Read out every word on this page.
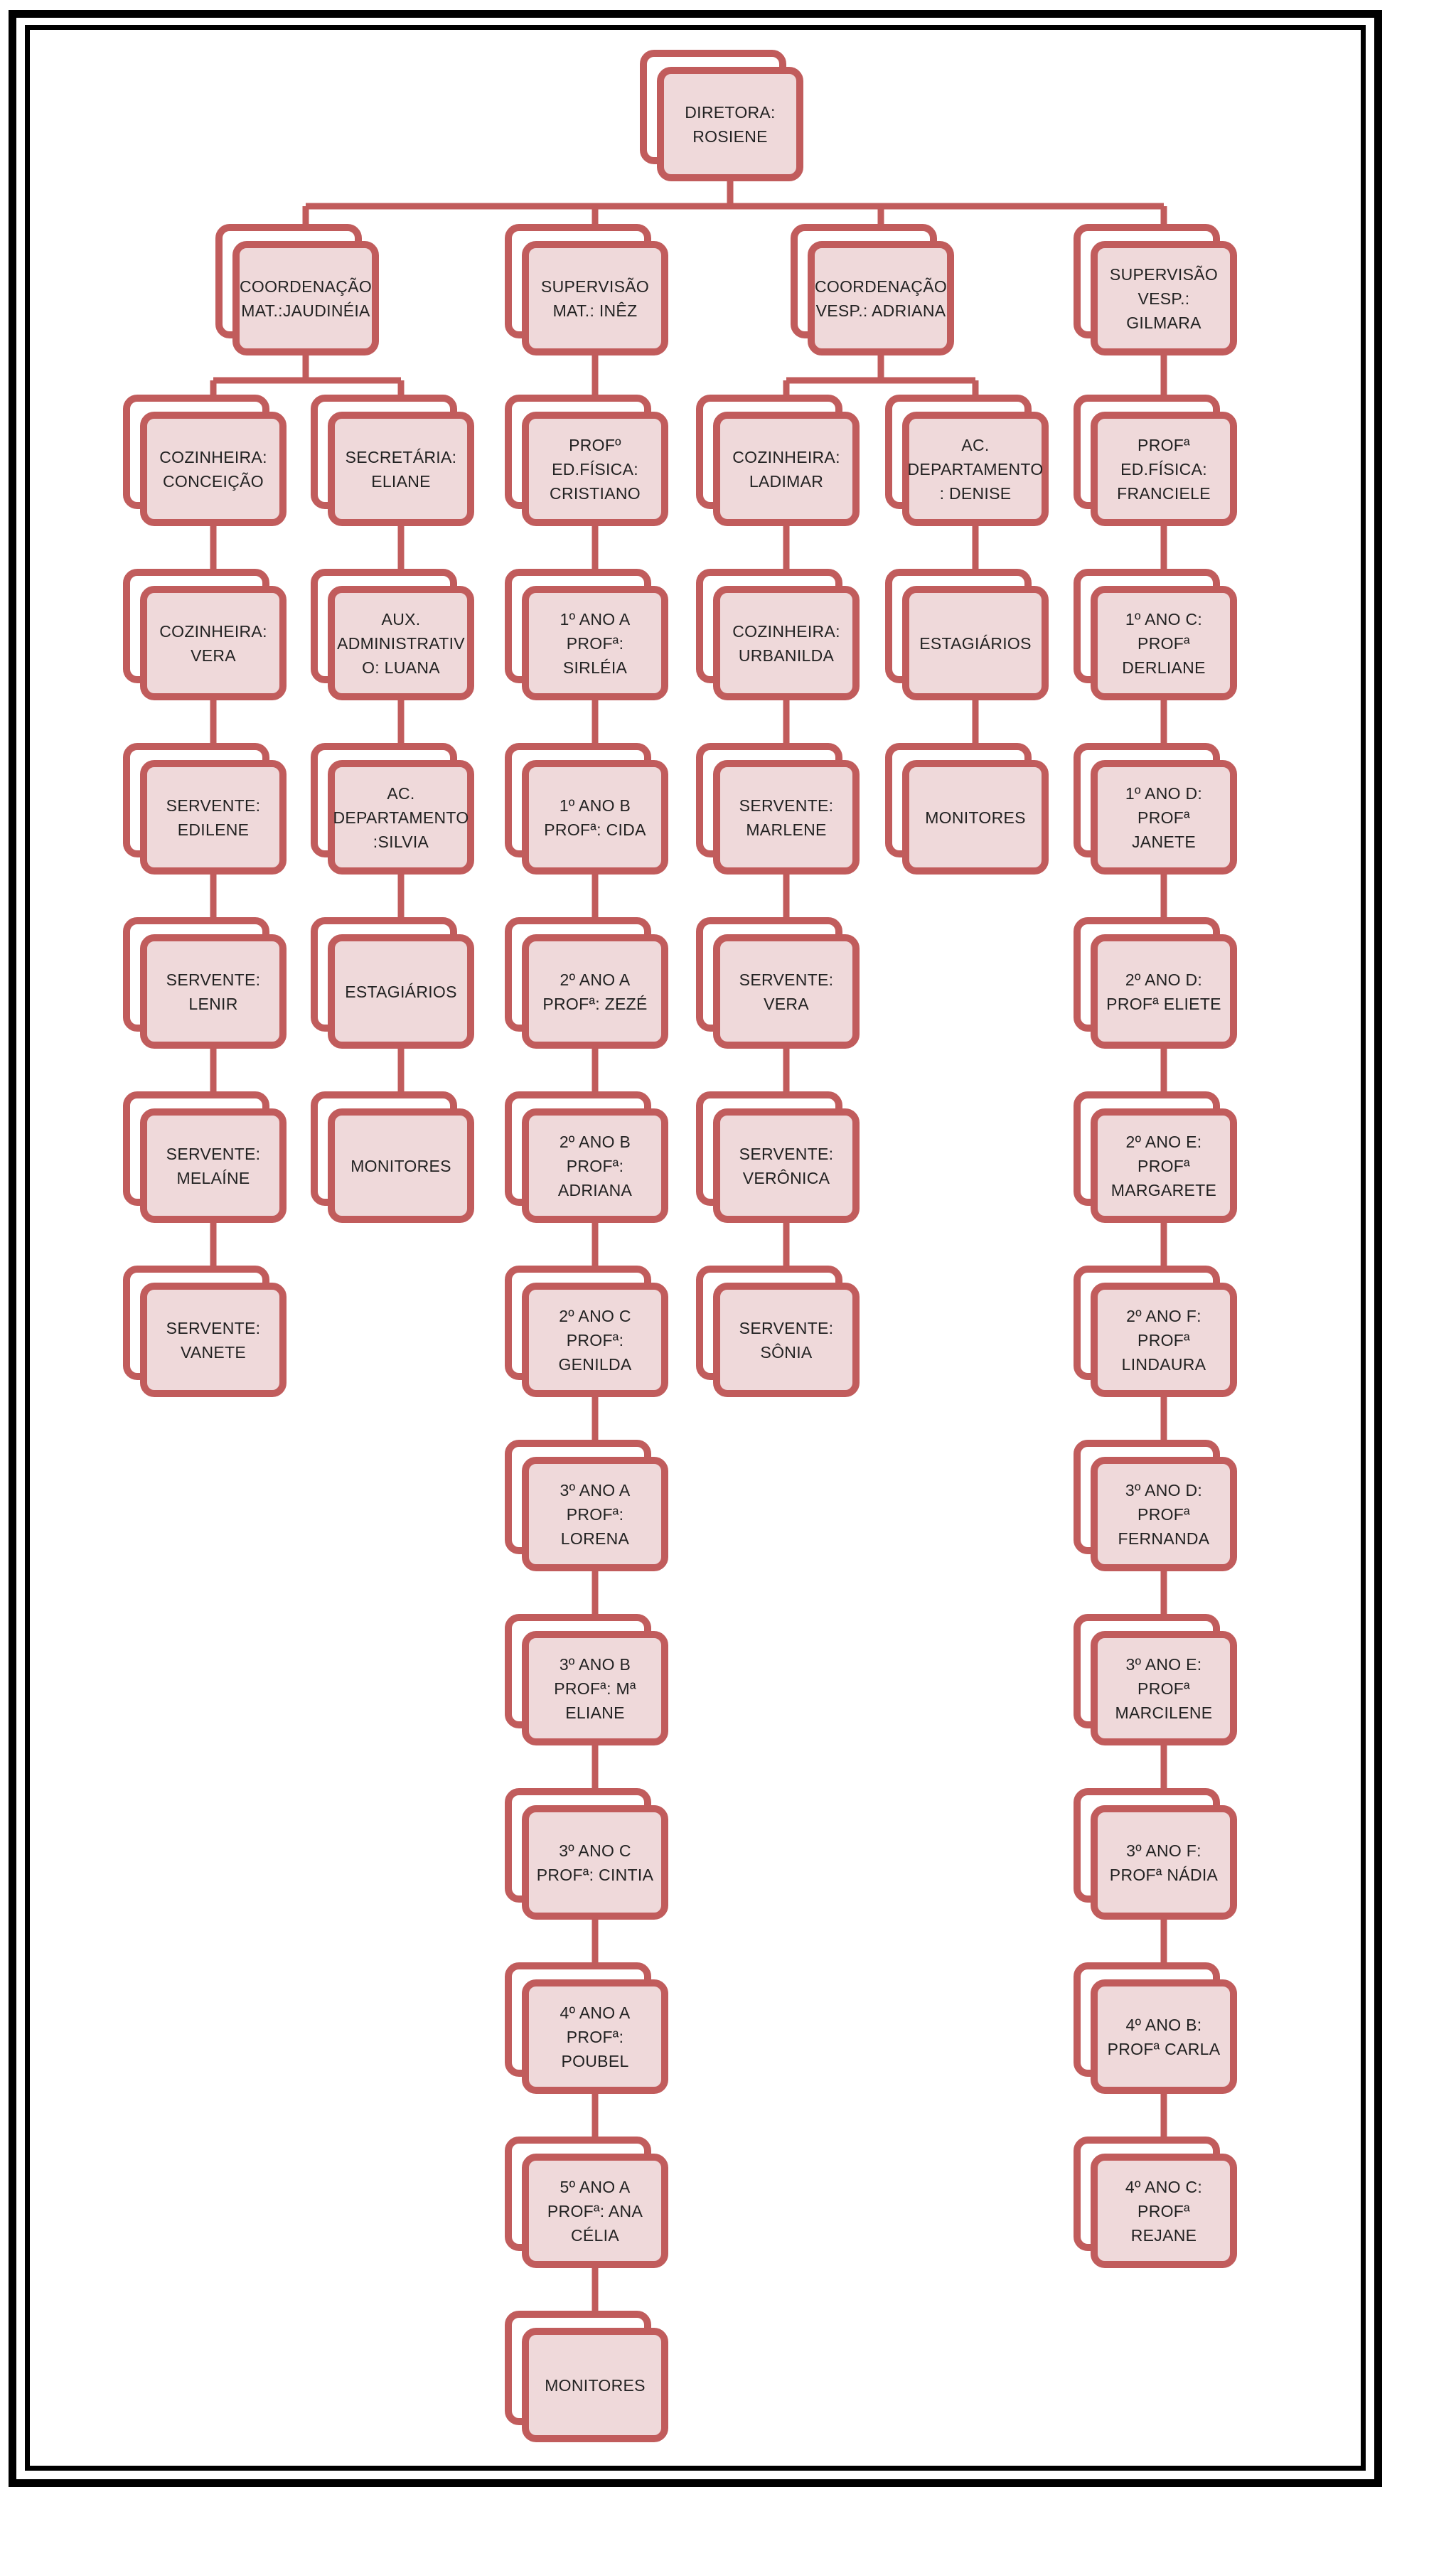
DIRETORA: ROSIENE
COORDENAÇÃO MAT.:JAUDINÉIA
SUPERVISÃO MAT.: INÊZ
COORDENAÇÃO VESP.: ADRIANA
SUPERVISÃO VESP.: GILMARA
COZINHEIRA: CONCEIÇÃO
COZINHEIRA: VERA
SERVENTE: EDILENE
SERVENTE: LENIR
SERVENTE: MELAÍNE
SERVENTE: VANETE
SECRETÁRIA: ELIANE
AUX. ADMINISTRATIV O: LUANA
AC. DEPARTAMENTO :SILVIA
ESTAGIÁRIOS
MONITORES
PROFº ED.FÍSICA: CRISTIANO
1º ANO A PROFª: SIRLÉIA
1º ANO B PROFª: CIDA
2º ANO A PROFª: ZEZÉ
2º ANO B PROFª: ADRIANA
2º ANO C PROFª: GENILDA
3º ANO A PROFª: LORENA
3º ANO B PROFª: Mª ELIANE
3º ANO C PROFª: CINTIA
4º ANO A PROFª: POUBEL
5º ANO A PROFª: ANA CÉLIA
MONITORES
COZINHEIRA: LADIMAR
COZINHEIRA: URBANILDA
SERVENTE: MARLENE
SERVENTE: VERA
SERVENTE: VERÔNICA
SERVENTE: SÔNIA
AC. DEPARTAMENTO : DENISE
ESTAGIÁRIOS
MONITORES
PROFª ED.FÍSICA: FRANCIELE
1º ANO C: PROFª DERLIANE
1º ANO D: PROFª JANETE
2º ANO D: PROFª ELIETE
2º ANO E: PROFª MARGARETE
2º ANO F: PROFª LINDAURA
3º ANO D: PROFª FERNANDA
3º ANO E: PROFª MARCILENE
3º ANO F: PROFª NÁDIA
4º ANO B: PROFª CARLA
4º ANO C: PROFª REJANE
